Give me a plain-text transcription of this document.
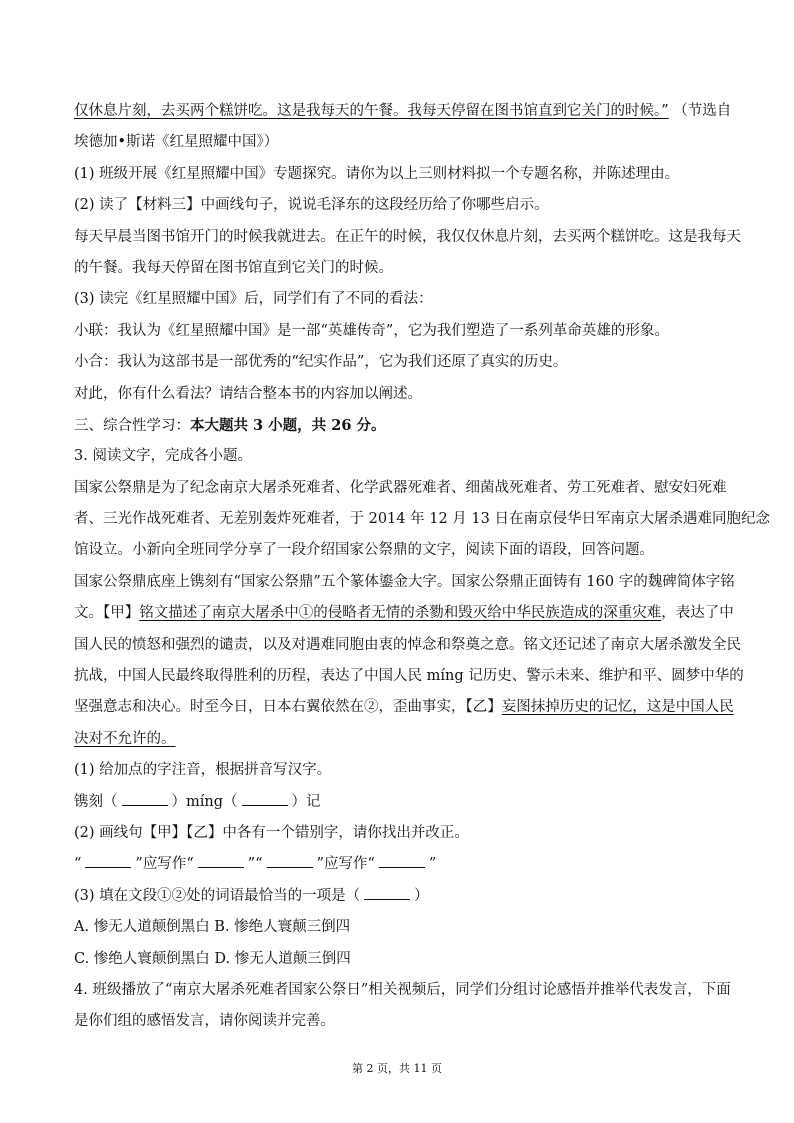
仅休息片刻，去买两个糕饼吃。这是我每天的午餐。我每天停留在图书馆直到它关门的时候。” （节选自
埃德加•斯诺《红星照耀中国》）
(1) 班级开展《红星照耀中国》专题探究。请你为以上三则材料拟一个专题名称，并陈述理由。
(2) 读了【材料三】中画线句子，说说毛泽东的这段经历给了你哪些启示。
每天早晨当图书馆开门的时候我就进去。在正午的时候，我仅仅休息片刻，去买两个糕饼吃。这是我每天
的午餐。我每天停留在图书馆直到它关门的时候。
(3) 读完《红星照耀中国》后，同学们有了不同的看法：
小联：我认为《红星照耀中国》是一部“英雄传奇”，它为我们塑造了一系列革命英雄的形象。
小合：我认为这部书是一部优秀的“纪实作品”，它为我们还原了真实的历史。
对此，你有什么看法？请结合整本书的内容加以阐述。
三、综合性学习：本大题共 3 小题，共 26 分。
3. 阅读文字，完成各小题。
国家公祭鼎是为了纪念南京大屠杀死难者、化学武器死难者、细菌战死难者、劳工死难者、慰安妇死难
者、三光作战死难者、无差别轰炸死难者，于 2014 年 12 月 13 日在南京侵华日军南京大屠杀遇难同胞纪念
馆设立。小新向全班同学分享了一段介绍国家公祭鼎的文字，阅读下面的语段，回答问题。
国家公祭鼎底座上镌刻有“国家公祭鼎”五个篆体鎏金大字。国家公祭鼎正面铸有 160 字的魏碑简体字铭
文。【甲】铭文描述了南京大屠杀中①的侵略者无情的杀勠和毁灭给中华民族造成的深重灾难，表达了中
国人民的愤怒和强烈的谴责，以及对遇难同胞由衷的悼念和祭奠之意。铭文还记述了南京大屠杀激发全民
抗战，中国人民最终取得胜利的历程，表达了中国人民 míng 记历史、警示未来、维护和平、圆梦中华的
坚强意志和决心。时至今日，日本右翼依然在②，歪曲事实，【乙】妄图抹掉历史的记忆，这是中国人民
决对不允许的。
(1) 给加点的字注音，根据拼音写汉字。
镌刻（	）míng（	）记
(2) 画线句【甲】【乙】中各有一个错别字，请你找出并改正。
“	”应写作“	”“	”应写作“	”
(3) 填在文段①②处的词语最恰当的一项是（	）
A. 惨无人道颠倒黑白 B. 惨绝人寰颠三倒四
C. 惨绝人寰颠倒黑白 D. 惨无人道颠三倒四
4. 班级播放了“南京大屠杀死难者国家公祭日”相关视频后，同学们分组讨论感悟并推举代表发言，下面
是你们组的感悟发言，请你阅读并完善。
第 2 页，共 11 页
